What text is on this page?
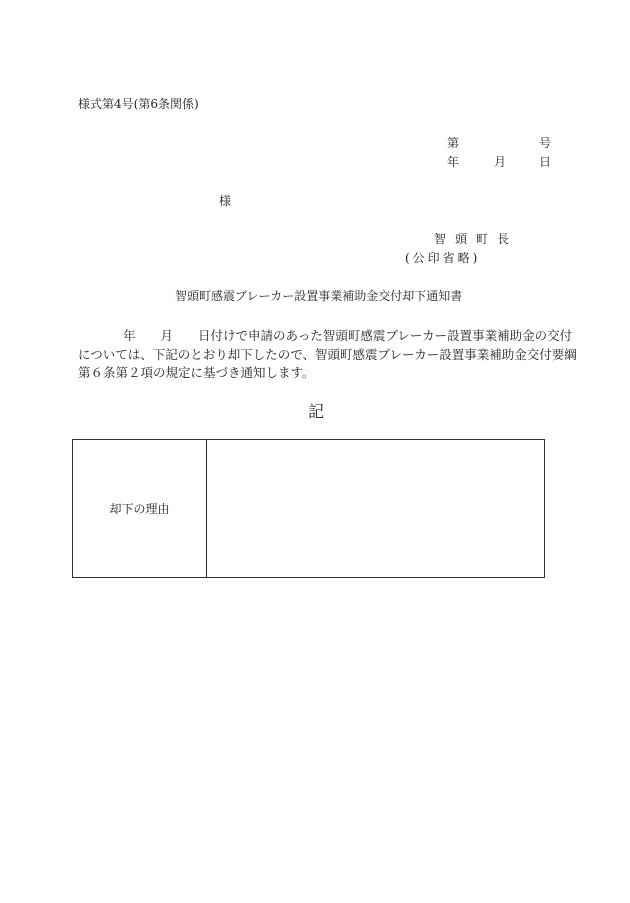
様式第4号(第6条関係)
第	号
年	月	日
様
智頭町長
(公印省略)
智頭町感震ブレーカー設置事業補助金交付却下通知書
年 月 日付けで申請のあった智頭町感震ブレーカー設置事業補助金の交付
については、下記のとおり却下したので、智頭町感震ブレーカー設置事業補助金交付要綱
第６条第２項の規定に基づき通知します。
記
却下の理由
